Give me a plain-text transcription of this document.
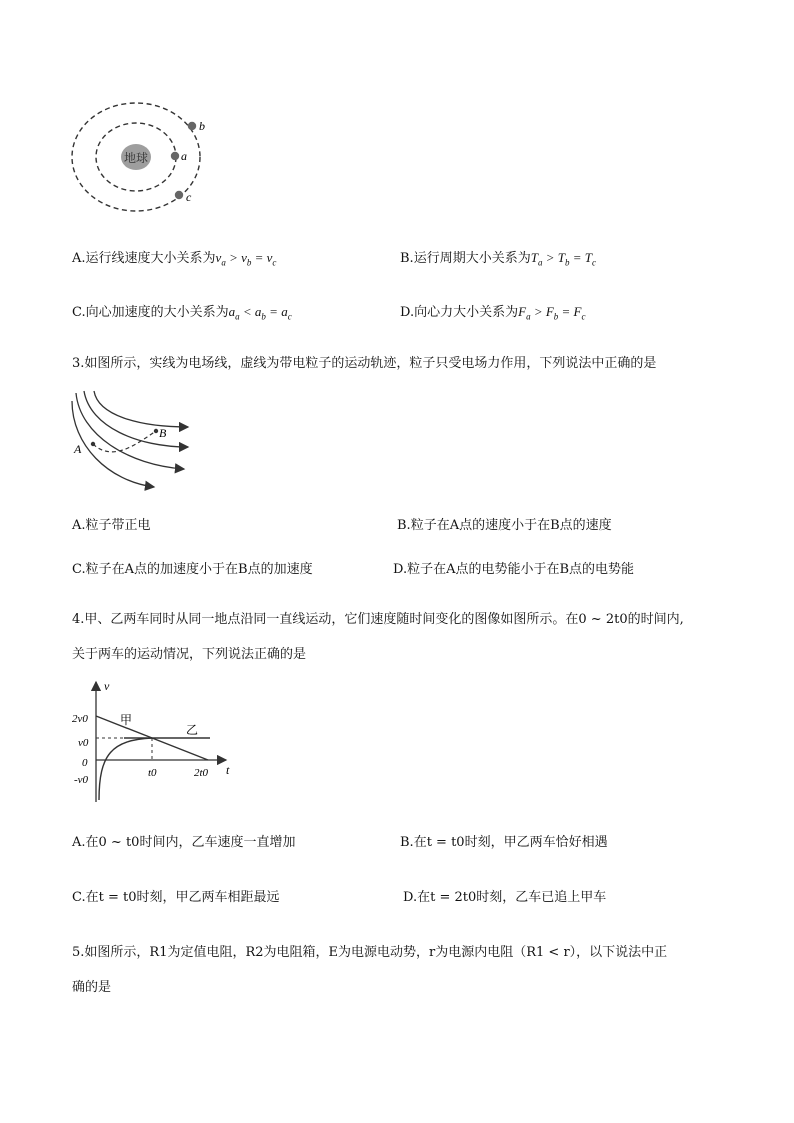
地球	a
b
c
A.运行线速度大小关系为$v_a > v_b = v_c$	B.运行周期大小关系为$T_a > T_b = T_c$
C.向心加速度的大小关系为$a_a < a_b = a_c$	D.向心力大小关系为$F_a > F_b = F_c$
3.如图所示，实线为电场线，虚线为带电粒子的运动轨迹，粒子只受电场力作用，下列说法中正确的是
A
B
A.粒子带正电	B.粒子在A点的速度小于在B点的速度
C.粒子在A点的加速度小于在B点的加速度	D.粒子在A点的电势能小于在B点的电势能
4.甲、乙两车同时从同一地点沿同一直线运动，它们速度随时间变化的图像如图所示。在0 ~ 2t0的时间内,
关于两车的运动情况，下列说法正确的是
v
t
2v0
v0
0
-v0
t0	2t0
甲
乙
A.在0 ~ t0时间内，乙车速度一直增加	B.在t = t0时刻，甲乙两车恰好相遇
C.在t = t0时刻，甲乙两车相距最远	D.在t = 2t0时刻，乙车已追上甲车
5.如图所示，R1为定值电阻，R2为电阻箱，E为电源电动势，r为电源内电阻（R1 < r），以下说法中正
确的是
